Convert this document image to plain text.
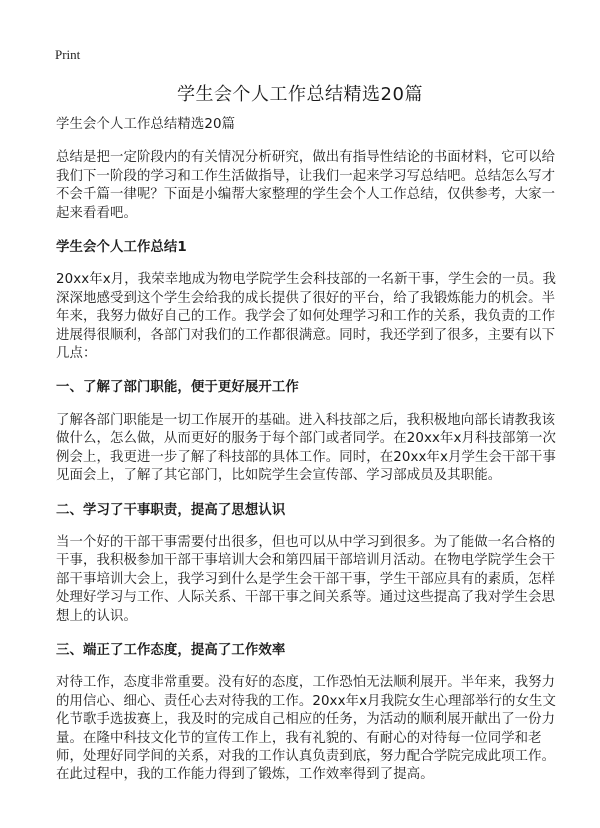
Print
学生会个人工作总结精选20篇

学生会个人工作总结精选20篇

总结是把一定阶段内的有关情况分析研究，做出有指导性结论的书面材料，它可以给我们下一阶段的学习和工作生活做指导，让我们一起来学习写总结吧。总结怎么写才不会千篇一律呢？下面是小编帮大家整理的学生会个人工作总结，仅供参考，大家一起来看看吧。

学生会个人工作总结1

20xx年x月，我荣幸地成为物电学院学生会科技部的一名新干事，学生会的一员。我深深地感受到这个学生会给我的成长提供了很好的平台，给了我锻炼能力的机会。半年来，我努力做好自己的工作。我学会了如何处理学习和工作的关系，我负责的工作进展得很顺利，各部门对我们的工作都很满意。同时，我还学到了很多，主要有以下几点：

一、了解了部门职能，便于更好展开工作

了解各部门职能是一切工作展开的基础。进入科技部之后，我积极地向部长请教我该做什么，怎么做，从而更好的服务于每个部门或者同学。在20xx年x月科技部第一次例会上，我更进一步了解了科技部的具体工作。同时，在20xx年x月学生会干部干事见面会上，了解了其它部门，比如院学生会宣传部、学习部成员及其职能。

二、学习了干事职责，提高了思想认识

当一个好的干部干事需要付出很多，但也可以从中学习到很多。为了能做一名合格的干事，我积极参加干部干事培训大会和第四届干部培训月活动。在物电学院学生会干部干事培训大会上，我学习到什么是学生会干部干事，学生干部应具有的素质，怎样处理好学习与工作、人际关系、干部干事之间关系等。通过这些提高了我对学生会思想上的认识。

三、端正了工作态度，提高了工作效率

对待工作，态度非常重要。没有好的态度，工作恐怕无法顺利展开。半年来，我努力的用信心、细心、责任心去对待我的工作。20xx年x月我院女生心理部举行的女生文化节歌手选拔赛上，我及时的完成自己相应的任务，为活动的顺利展开献出了一份力量。在隆中科技文化节的宣传工作上，我有礼貌的、有耐心的对待每一位同学和老师，处理好同学间的关系，对我的工作认真负责到底，努力配合学院完成此项工作。在此过程中，我的工作能力得到了锻炼，工作效率得到了提高。
